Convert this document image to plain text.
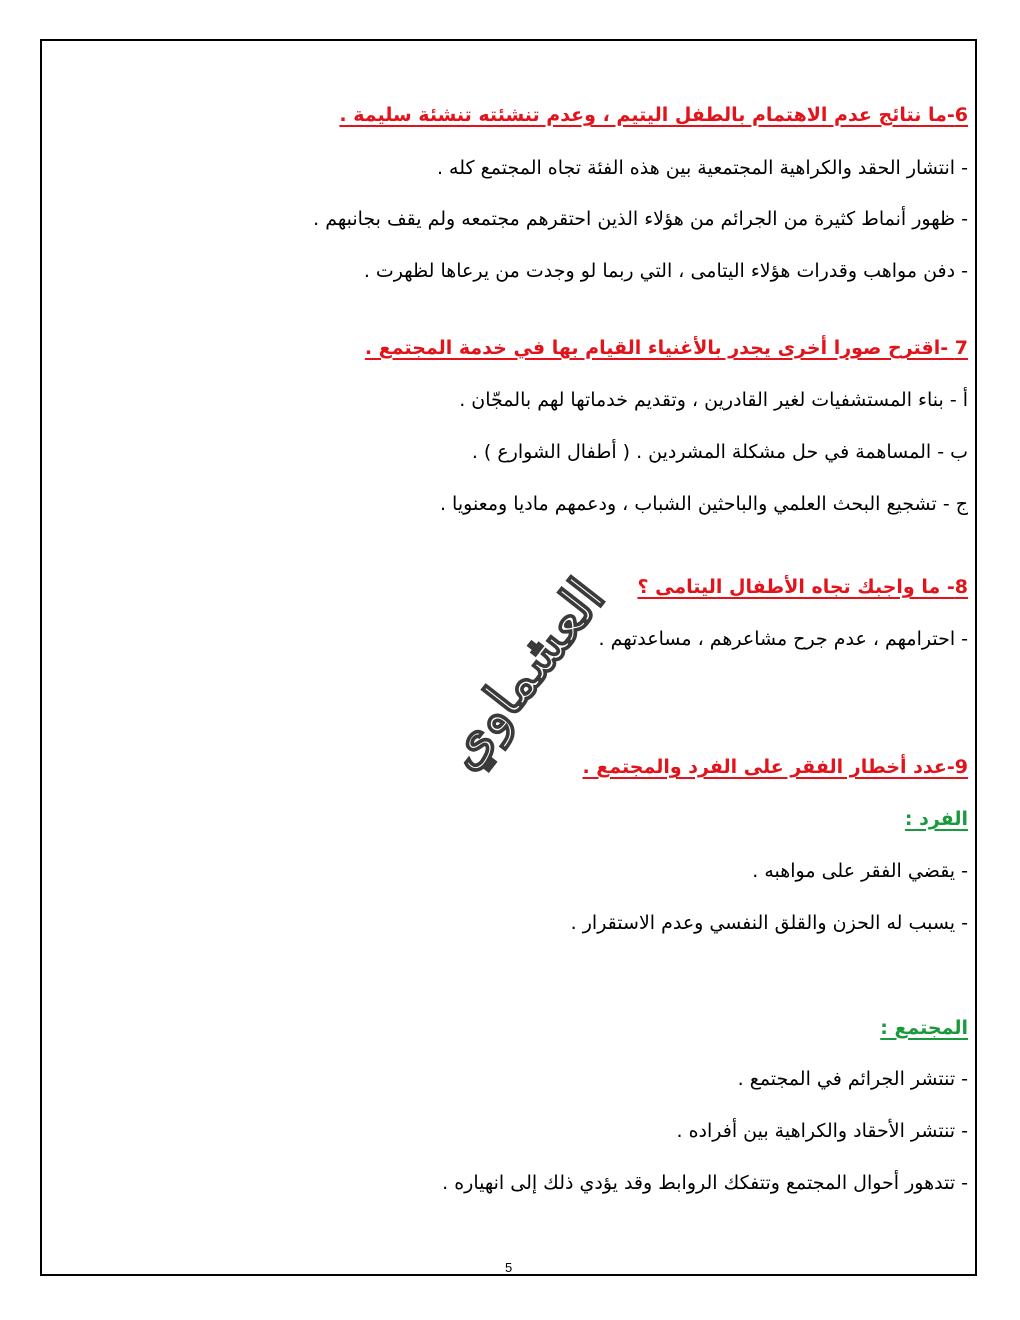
6-ما نتائج عدم الاهتمام بالطفل اليتيم ، وعدم تنشئته تنشئة سليمة .
- انتشار الحقد والكراهية المجتمعية بين هذه الفئة تجاه المجتمع كله .
- ظهور أنماط كثيرة من الجرائم من هؤلاء الذين احتقرهم مجتمعه ولم يقف بجانبهم .
- دفن مواهب وقدرات هؤلاء اليتامى ، التي ربما لو وجدت من يرعاها لظهرت .
7 -اقترح صورا أخرى يجدر بالأغنياء القيام بها في خدمة المجتمع .
أ - بناء المستشفيات لغير القادرين ، وتقديم خدماتها لهم بالمجّان .
ب - المساهمة في حل مشكلة المشردين . ( أطفال الشوارع ) .
ج - تشجيع البحث العلمي والباحثين الشباب ، ودعمهم ماديا ومعنويا .
8- ما واجبك تجاه الأطفال اليتامى ؟
- احترامهم ، عدم جرح مشاعرهم ، مساعدتهم .
9-عدد أخطار الفقر على الفرد والمجتمع .
الفرد :
- يقضي الفقر على مواهبه .
- يسبب له الحزن والقلق النفسي وعدم الاستقرار .
المجتمع :
- تنتشر الجرائم في المجتمع .
- تنتشر الأحقاد والكراهية بين أفراده .
- تتدهور أحوال المجتمع وتتفكك الروابط وقد يؤدي ذلك إلى انهياره .
العشماوي
5
